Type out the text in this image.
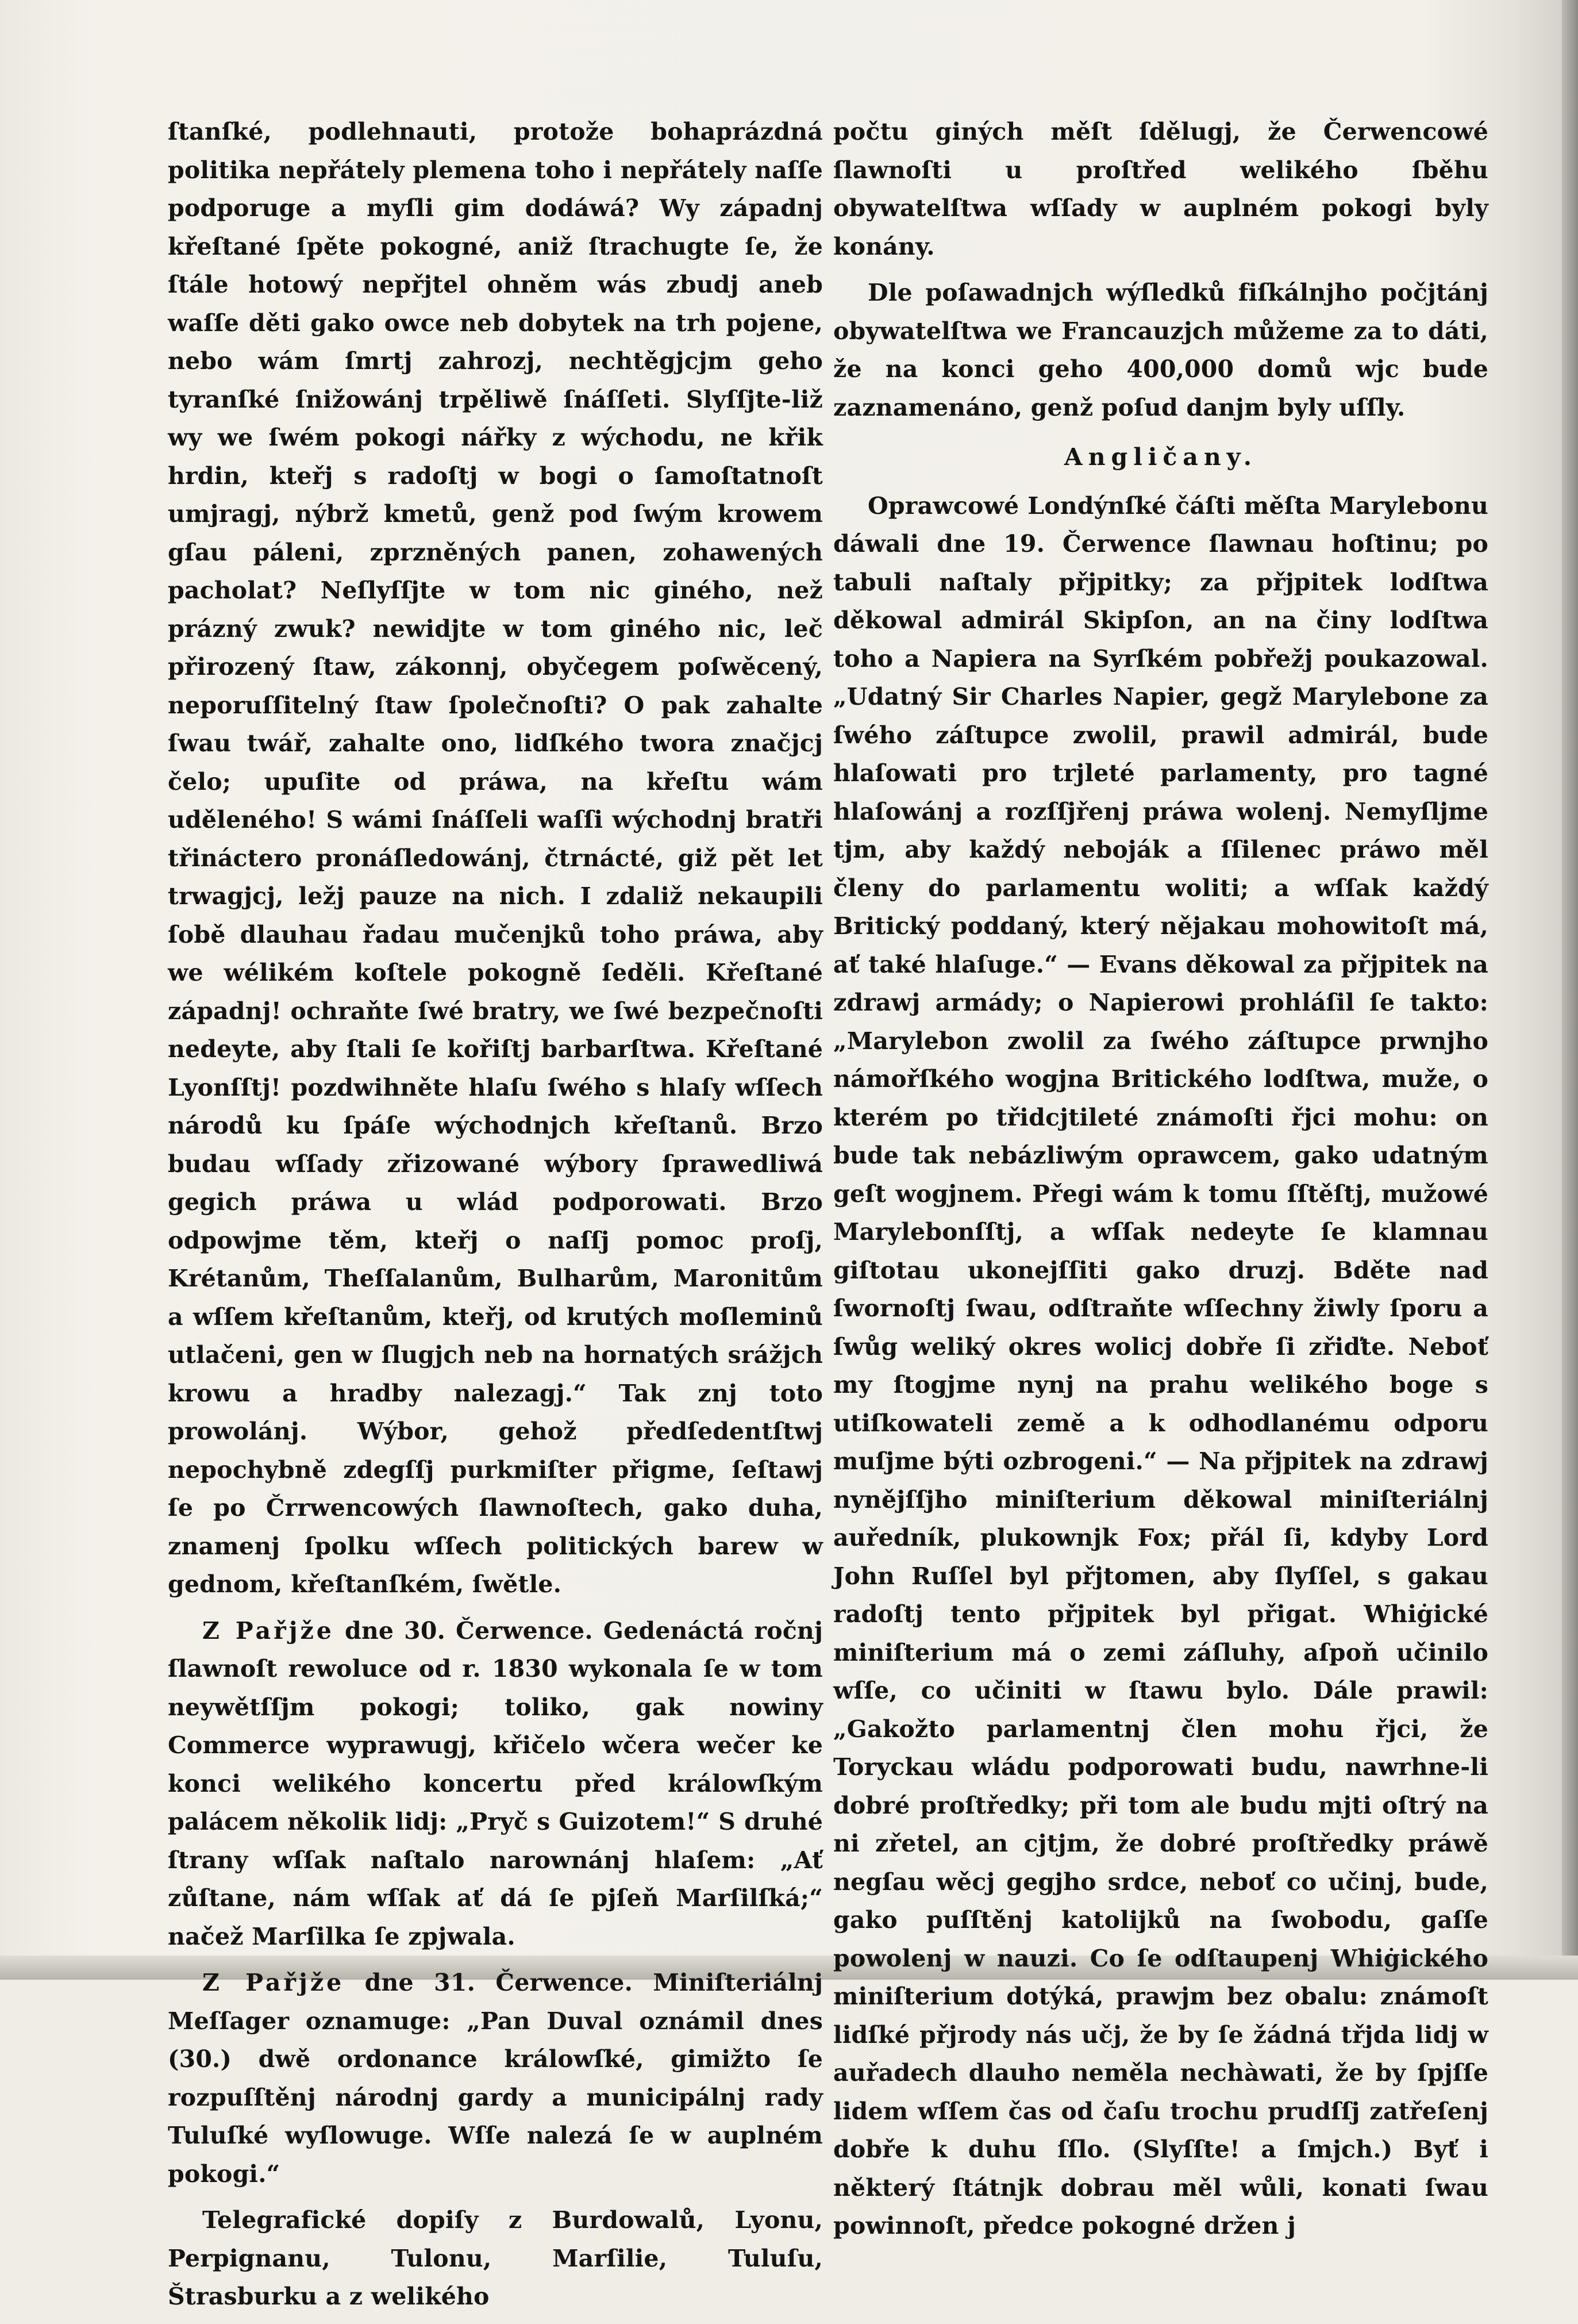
ſtanſké, podlehnauti, protože bohaprázdná politika nepřátely plemena toho i nepřátely naſſe podporuge a myſli gim dodáwá? Wy západnj křeſtané ſpěte pokogné, aniž ſtrachugte ſe, že ſtále hotowý nepřjtel ohněm wás zbudj aneb waſſe děti gako owce neb dobytek na trh pojene, nebo wám ſmrtj zahrozj, nechtěgjcjm geho tyranſké ſnižowánj trpěliwě ſnáſſeti. Slyſſjte-liž wy we ſwém pokogi nářky z wýchodu, ne křik hrdin, kteřj s radoſtj w bogi o ſamoſtatnoſt umjragj, nýbrž kmetů, genž pod ſwým krowem gſau páleni, zprzněných panen, zohawených pacholat? Neſlyſſjte w tom nic giného, než prázný zwuk? newidjte w tom giného nic, leč přirozený ſtaw, zákonnj, obyčegem poſwěcený, neporuſſitelný ſtaw ſpolečnoſti? O pak zahalte ſwau twář, zahalte ono, lidſkého twora značjcj čelo; upuſite od práwa, na křeſtu wám uděleného! S wámi ſnáſſeli waſſi wýchodnj bratři třináctero pronáſledowánj, čtrnácté, giž pět let trwagjcj, ležj pauze na nich. I zdaliž nekaupili ſobě dlauhau řadau mučenjků toho práwa, aby we wélikém koſtele pokogně ſeděli. Křeſtané západnj! ochraňte ſwé bratry, we ſwé bezpečnoſti nedeyte, aby ſtali ſe kořiſtj barbarſtwa. Křeſtané Lyonſſtj! pozdwihněte hlaſu ſwého s hlaſy wſſech národů ku ſpáſe wýchodnjch křeſtanů. Brzo budau wſſady zřizowané wýbory ſprawedliwá gegich práwa u wlád podporowati. Brzo odpowjme těm, kteřj o naſſj pomoc proſj, Krétanům, Theſſalanům, Bulharům, Maronitům a wſſem křeſtanům, kteřj, od krutých moſleminů utlačeni, gen w ſlugjch neb na hornatých srážjch krowu a hradby nalezagj.“ Tak znj toto prowolánj. Wýbor, gehož předſedentſtwj nepochybně zdegſſj purkmiſter přigme, ſeſtawj ſe po Črrwencowých ſlawnoſtech, gako duha, znamenj ſpolku wſſech politických barew w gednom, křeſtanſkém, ſwětle.

Z Pařjže dne 30. Čerwence. Gedenáctá ročnj ſlawnoſt rewoluce od r. 1830 wykonala ſe w tom neywětſſjm pokogi; toliko, gak nowiny Commerce wyprawugj, křičelo wčera wečer ke konci welikého koncertu před králowſkým palácem několik lidj: „Pryč s Guizotem!“ S druhé ſtrany wſſak naſtalo narownánj hlaſem: „Ať zůſtane, nám wſſak ať dá ſe pjſeň Marſilſká;“ načež Marſilka ſe zpjwala.

Z Pařjže dne 31. Čerwence. Miniſteriálnj Meſſager oznamuge: „Pan Duval oznámil dnes (30.) dwě ordonance králowſké, gimižto ſe rozpuſſtěnj národnj gardy a municipálnj rady Tuluſké wyſlowuge. Wſſe nalezá ſe w auplném pokogi.“

Telegrafické dopiſy z Burdowalů, Lyonu, Perpignanu, Tulonu, Marſilie, Tuluſu, Štrasburku a z welikého

počtu giných měſt ſdělugj, že Čerwencowé ſlawnoſti u proſtřed welikého ſběhu obywatelſtwa wſſady w auplném pokogi byly konány.

Dle poſawadnjch wýſledků fiſkálnjho počjtánj obywatelſtwa we Francauzjch můžeme za to dáti, že na konci geho 400,000 domů wjc bude zaznamenáno, genž poſud danjm byly uſſly.

Angličany.

Oprawcowé Londýnſké čáſti měſta Marylebonu dáwali dne 19. Čerwence ſlawnau hoſtinu; po tabuli naſtaly přjpitky; za přjpitek lodſtwa děkowal admirál Skipſon, an na činy lodſtwa toho a Napiera na Syrſkém pobřežj poukazowal. „Udatný Sir Charles Napier, gegž Marylebone za ſwého záſtupce zwolil, prawil admirál, bude hlaſowati pro trjleté parlamenty, pro tagné hlaſowánj a rozſſjřenj práwa wolenj. Nemyſljme tjm, aby každý neboják a ſſilenec práwo měl členy do parlamentu woliti; a wſſak každý Britický poddaný, který nějakau mohowitoſt má, ať také hlaſuge.“ — Evans děkowal za přjpitek na zdrawj armády; o Napierowi prohláſil ſe takto: „Marylebon zwolil za ſwého záſtupce prwnjho námořſkého wogjna Britického lodſtwa, muže, o kterém po třidcjtileté známoſti řjci mohu: on bude tak nebázliwým oprawcem, gako udatným geſt wogjnem. Přegi wám k tomu ſſtěſtj, mužowé Marylebonſſtj, a wſſak nedeyte ſe klamnau giſtotau ukonejſſiti gako druzj. Bděte nad ſwornoſtj ſwau, odſtraňte wſſechny žiwly ſporu a ſwůg weliký okres wolicj dobře ſi zřiďte. Neboť my ſtogjme nynj na prahu welikého boge s utiſkowateli země a k odhodlanému odporu muſjme býti ozbrogeni.“ — Na přjpitek na zdrawj nynějſſjho miniſterium děkowal miniſteriálnj auředník, plukownjk Fox; přál ſi, kdyby Lord John Ruſſel byl přjtomen, aby ſlyſſel, s gakau radoſtj tento přjpitek byl přigat. Whiġické miniſterium má o zemi záſluhy, aſpoň učinilo wſſe, co učiniti w ſtawu bylo. Dále prawil: „Gakožto parlamentnj člen mohu řjci, že Toryckau wládu podporowati budu, nawrhne-li dobré proſtředky; při tom ale budu mjti oſtrý na ni zřetel, an cjtjm, že dobré proſtředky práwě negſau wěcj gegjho srdce, neboť co učinj, bude, gako puſſtěnj katolijků na ſwobodu, gaſſe powolenj w nauzi. Co ſe odſtaupenj Whiġického miniſterium dotýká, prawjm bez obalu: známoſt lidſké přjrody nás učj, že by ſe žádná třjda lidj w auřadech dlauho neměla nechàwati, že by ſpjſſe lidem wſſem čas od čaſu trochu prudſſj zatřeſenj dobře k duhu ſſlo. (Slyſſte! a ſmjch.) Byť i některý ſtátnjk dobrau měl wůli, konati ſwau powinnoſt, předce pokogné držen j
